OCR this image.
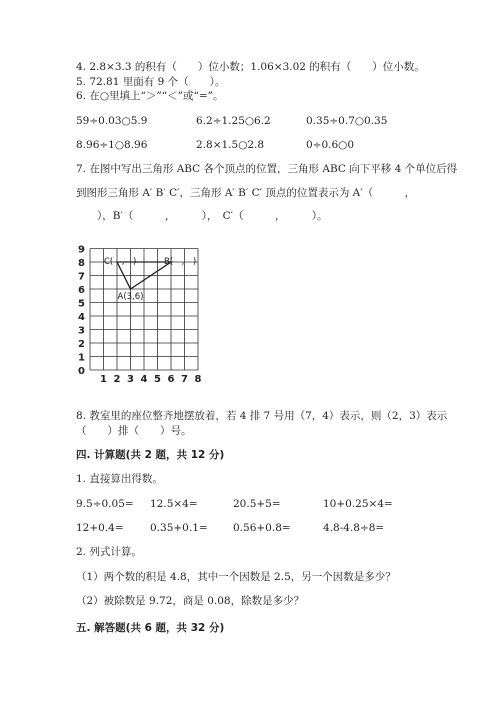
4. 2.8×3.3 的积有（　　）位小数；1.06×3.02 的积有（　　）位小数。
5. 72.81 里面有 9 个（　　）。
6. 在○里填上“＞”“＜”或“=”。
59÷0.03○5.9	6.2÷1.25○6.2	0.35÷0.7○0.35
8.96÷1○8.96	2.8×1.5○2.8	0÷0.6○0
7. 在图中写出三角形 ABC 各个顶点的位置，三角形 ABC 向下平移 4 个单位后得
到图形三角形 A′ B′ C′，三角形 A′ B′ C′ 顶点的位置表示为 A′（　　　，
　　），B′（　　　，　　　），　C′（　　　，　　　）。
1 2 3 4 5 6 7 8
0
1
2
3
4
5
6
7
8
9
A(3,6)
B(　,　)
C(　,　)
8. 教室里的座位整齐地摆放着，若 4 排 7 号用（7，4）表示，则（2，3）表示
（　　）排（　　）号。
四. 计算题(共 2 题，共 12 分)
1. 直接算出得数。
9.5÷0.05= 12.5×4=	20.5+5=	10+0.25×4=
12+0.4=	0.35+0.1= 0.56+0.8=	4.8-4.8÷8=
2. 列式计算。
（1）两个数的积是 4.8，其中一个因数是 2.5，另一个因数是多少？
（2）被除数是 9.72，商是 0.08，除数是多少？
五. 解答题(共 6 题，共 32 分)
